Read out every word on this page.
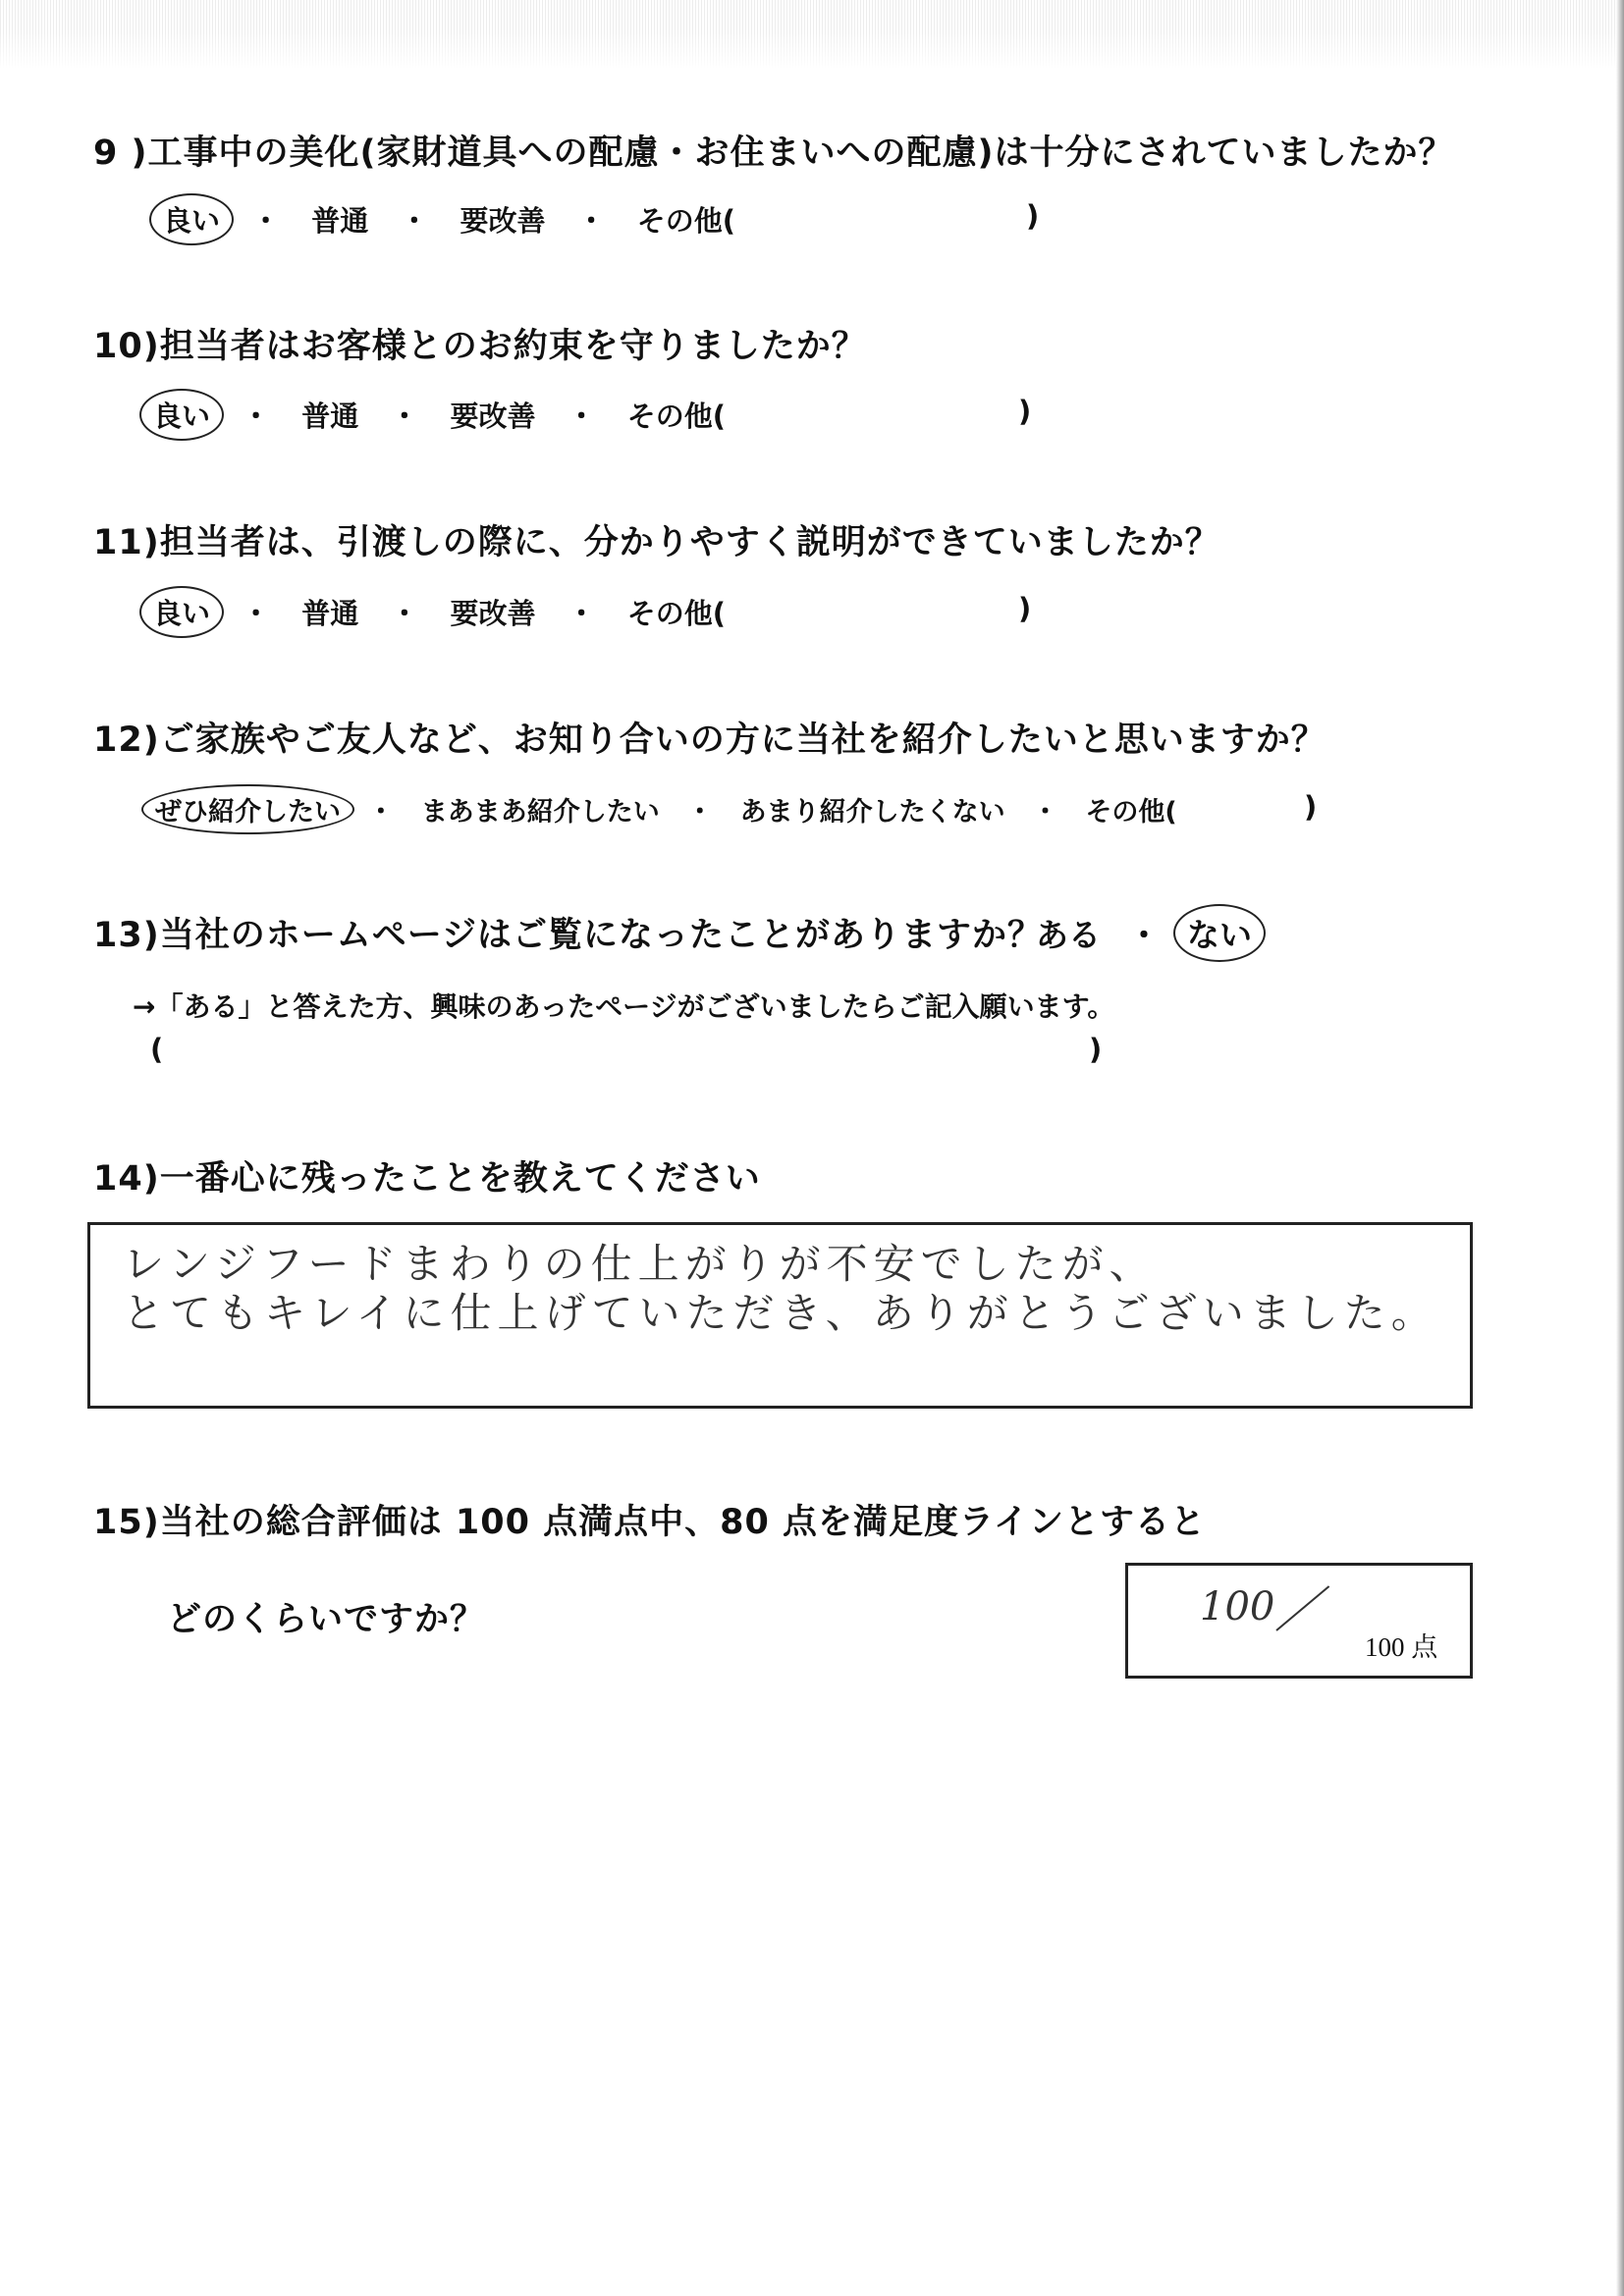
9 )工事中の美化(家財道具への配慮・お住まいへの配慮)は十分にされていましたか？
良い ・ 普通 ・ 要改善 ・ その他(	)
10)担当者はお客様とのお約束を守りましたか？
良い ・ 普通 ・ 要改善 ・ その他(	)
11)担当者は、引渡しの際に、分かりやすく説明ができていましたか？
良い ・ 普通 ・ 要改善 ・ その他(	)
12)ご家族やご友人など、お知り合いの方に当社を紹介したいと思いますか？
ぜひ紹介したい ・ まあまあ紹介したい ・ あまり紹介したくない ・ その他(	)
13)当社のホームページはご覧になったことがありますか？
ある ・ ない
→「ある」と答えた方、興味のあったページがございましたらご記入願います。
(	)
14)一番心に残ったことを教えてください
レンジフードまわりの仕上がりが不安でしたが、
とてもキレイに仕上げていただき、ありがとうございました。
15)当社の総合評価は 100 点満点中、80 点を満足度ラインとすると
どのくらいですか？	100
100 点
